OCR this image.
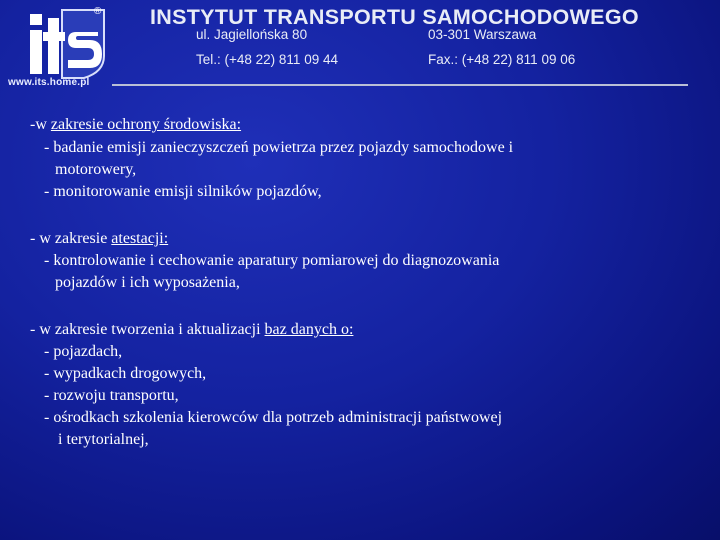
®
www.its.home.pl
INSTYTUT TRANSPORTU SAMOCHODOWEGO
ul. Jagiellońska 80	03-301 Warszawa
Tel.: (+48 22) 811 09 44	Fax.: (+48 22) 811 09 06
-w zakresie ochrony środowiska:
- badanie emisji zanieczyszczeń powietrza przez pojazdy samochodowe i
motorowery,
- monitorowanie emisji silników pojazdów,
- w zakresie atestacji:
- kontrolowanie i cechowanie aparatury pomiarowej do diagnozowania
pojazdów i ich wyposażenia,
- w zakresie tworzenia i aktualizacji baz danych o:
- pojazdach,
- wypadkach drogowych,
- rozwoju transportu,
- ośrodkach szkolenia kierowców dla potrzeb administracji państwowej
i terytorialnej,
